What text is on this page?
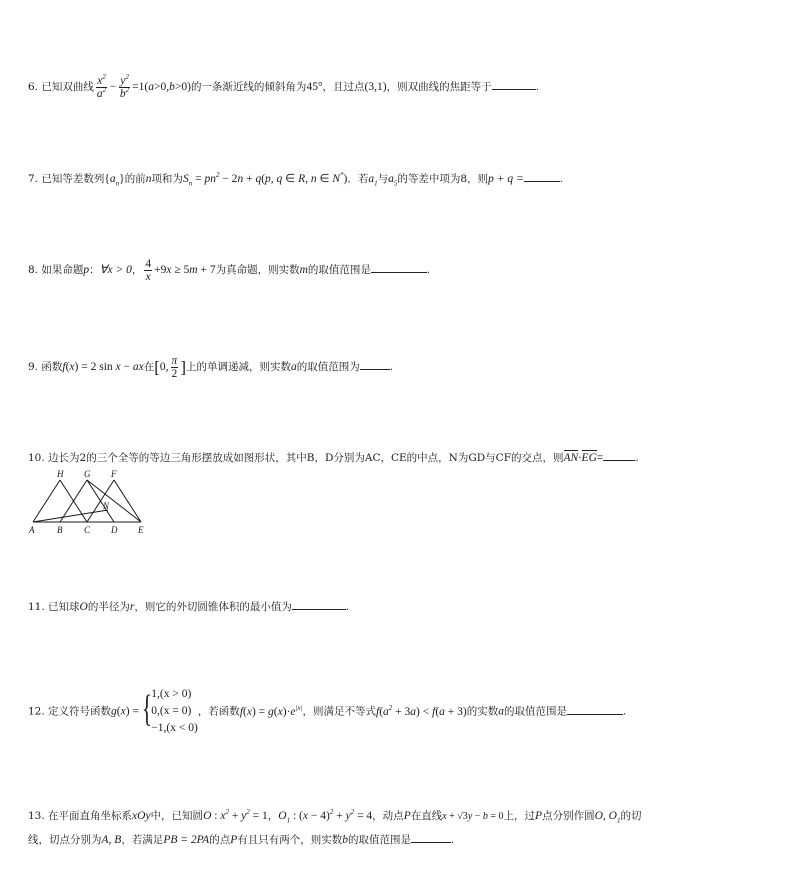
6. 已知双曲线 $\frac{x^2}{a^2} - \frac{y^2}{b^2} =1(a>0,b>0)$的一条渐近线的倾斜角为45°，且过点(3,1)，则双曲线的焦距等于	.
7. 已知等差数列$\{a_n\}$的前n项和为$S_n = pn^2 - 2n + q(p$, q ∈ R, n ∈ N*)．若$a_1$与$a_5$的等差中项为8，则p + q =	.
8. 如果命题p：∀x > 0， $\frac{4}{x} +9x \ge 5m + 7$为真命题，则实数m的取值范围是	.
9. 函数f(x) = 2 sin x − ax在[0, $\frac{\pi}{2}$ ]上的单调递减，则实数a的取值范围为	.
10. 边长为2的三个全等的等边三角形摆放成如图形状，其中B，D分别为AC，CE的中点，N为GD与CF的交点，则AN·EG=	.
H G F
N
A	B C D E
11. 已知球O的半径为r，则它的外切圆锥体积的最小值为	.
12. 定义符号函数g(x) = {
1,(x > 0)
0,(x = 0)
−1,(x < 0)
，若函数$f(x) = g(x)\cdot e^{|x|}$，则满足不等式$f(a^2 + 3a) < f(a + 3)$的实数a的取值范围是	.
13. 在平面直角坐标系xOy中，已知圆O : $x^2 + y^2 = 1$，$O_1$ : $(x - 4)^2 + y^2 = 4$，动点P在直线x + √3y − b = 0上，过P点分别作圆O, $O_1$的切
线，切点分别为A, B，若满足PB = 2PA的点P有且只有两个，则实数b的取值范围是	.
